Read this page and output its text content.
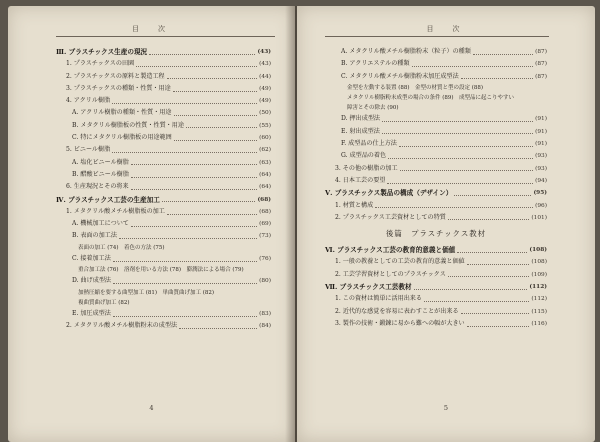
目　次
Ⅲ. プラスチックス生産の現況	(43)
1. プラスチックスの田園	(43)
2. プラスチックスの原料と製造工程	(44)
3. プラスチックスの種類・性質・用途	(49)
4. アクリル樹脂	(49)
A. アクリル樹脂の種類・性質・用途	(50)
B. メタクリル樹脂板の性質・性質・用途	(55)
C. 特にメタクリル樹脂板の用途範囲	(60)
5. ビニール樹脂	(62)
A. 塩化ビニール樹脂	(63)
B. 醋酸ビニール樹脂	(64)
6. 生産現況とその将来	(64)
Ⅳ. プラスチックス工芸の生産加工	(68)
1. メタクリル酸メチル樹脂板の加工	(68)
A. 機械加工について	(69)
B. 表面の加工法	(73)
表面の加工 (74)　着色の方法 (75)
C. 接着加工法	(76)
重合加工法 (76)　溶剤を用いる方法 (78)　膨潤法による場合 (79)
D. 曲げ成型法	(80)
加熱圧縮を要する曲型加工 (81)　単曲質曲げ加工 (82)
複曲質曲げ加工 (82)
E. 加圧成型法	(83)
2. メタクリル酸メチル樹脂粉末の成型法	(84)
4
目　次
A. メタクリル酸メチル樹脂粉末（粒子）の種類	(87)
B. アクリエステルの種類	(87)
C. メタクリル酸メチル樹脂粉末加圧成型法	(87)
金型を左動する装置 (88)　金型の材質と型の設定 (88)
メタクリル樹脂粉末成型の場合の条件 (89)　成型品に起こりやすい
障害とその除去 (90)
D. 押出成型法	(91)
E. 射出成型法	(91)
F. 成型品の仕上方法	(91)
G. 成型品の着色	(93)
3. その他の樹脂の加工	(93)
4. 日本工芸の要望	(94)
Ⅴ. プラスチックス製品の構成（デザイン）	(95)
1. 材質と構成	(96)
2. プラスチックス工芸資材としての特質	(101)
後篇　プラスチックス教材
Ⅵ. プラスチックス工芸の教育的意義と価値	(108)
1. 一般の教養としての工芸の教育的意義と価値	(108)
2. 工芸学習資材としてのプラスチックス	(109)
Ⅶ. プラスチックス工芸教材	(112)
1. この資材は簡単に活用出来る	(112)
2. 近代的な感覚を容易に表わすことが出来る	(115)
3. 製作の技術・鍛錬に易から難への幅が大きい	(116)
5
